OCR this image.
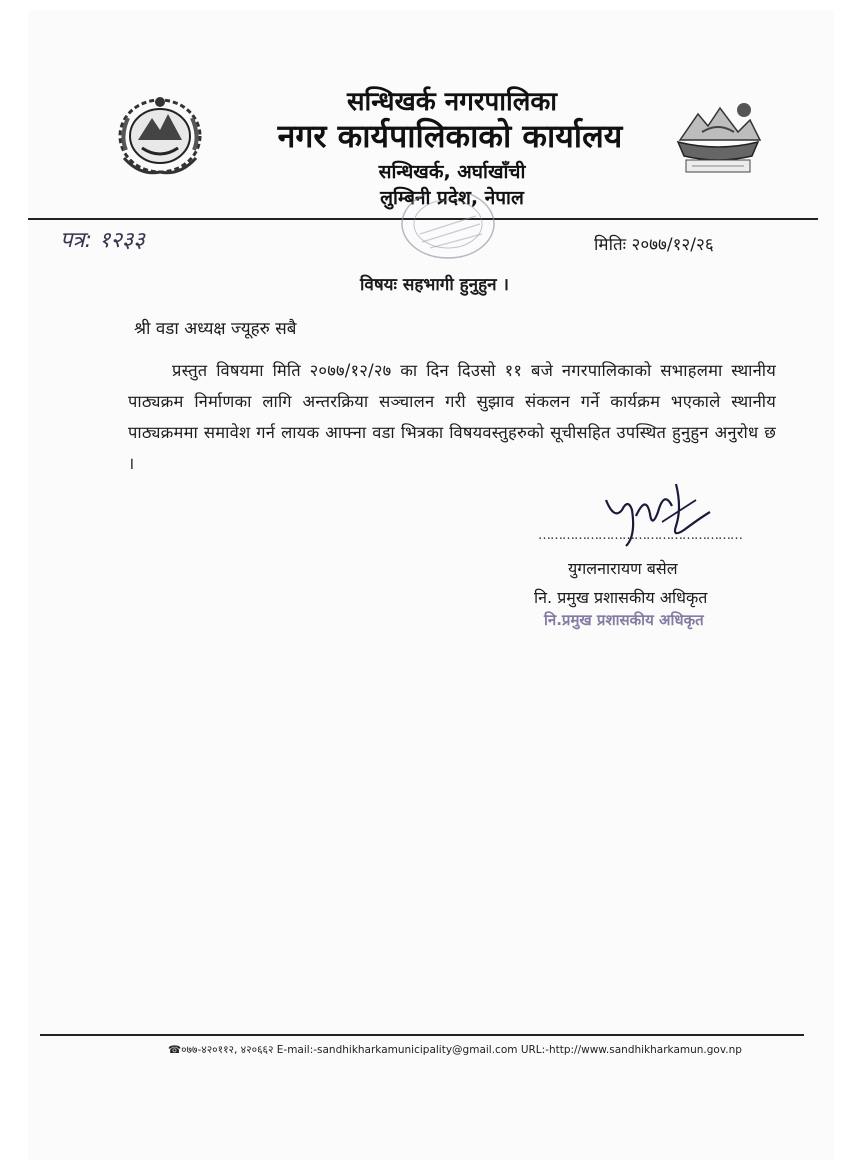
सन्धिखर्क नगरपालिका
नगर कार्यपालिकाको कार्यालय
सन्धिखर्क, अर्घाखाँची
लुम्बिनी प्रदेश, नेपाल
पत्र: १२३३	मितिः २०७७/१२/२६
विषयः सहभागी हुनुहुन ।
श्री वडा अध्यक्ष ज्यूहरु सबै
प्रस्तुत विषयमा मिति २०७७/१२/२७ का दिन दिउसो ११ बजे नगरपालिकाको सभाहलमा स्थानीय पाठ्यक्रम निर्माणका लागि अन्तरक्रिया सञ्चालन गरी सुझाव संकलन गर्ने कार्यक्रम भएकाले स्थानीय पाठ्यक्रममा समावेश गर्न लायक आफ्ना वडा भित्रका विषयवस्तुहरुको सूचीसहित उपस्थित हुनुहुन अनुरोध छ ।
……………………………………………
युगलनारायण बसेल
नि. प्रमुख प्रशासकीय अधिकृत
नि.प्रमुख प्रशासकीय अधिकृत
☎०७७-४२०११२, ४२०६६२ E-mail:-sandhikharkamunicipality@gmail.com URL:-http://www.sandhikharkamun.gov.np
